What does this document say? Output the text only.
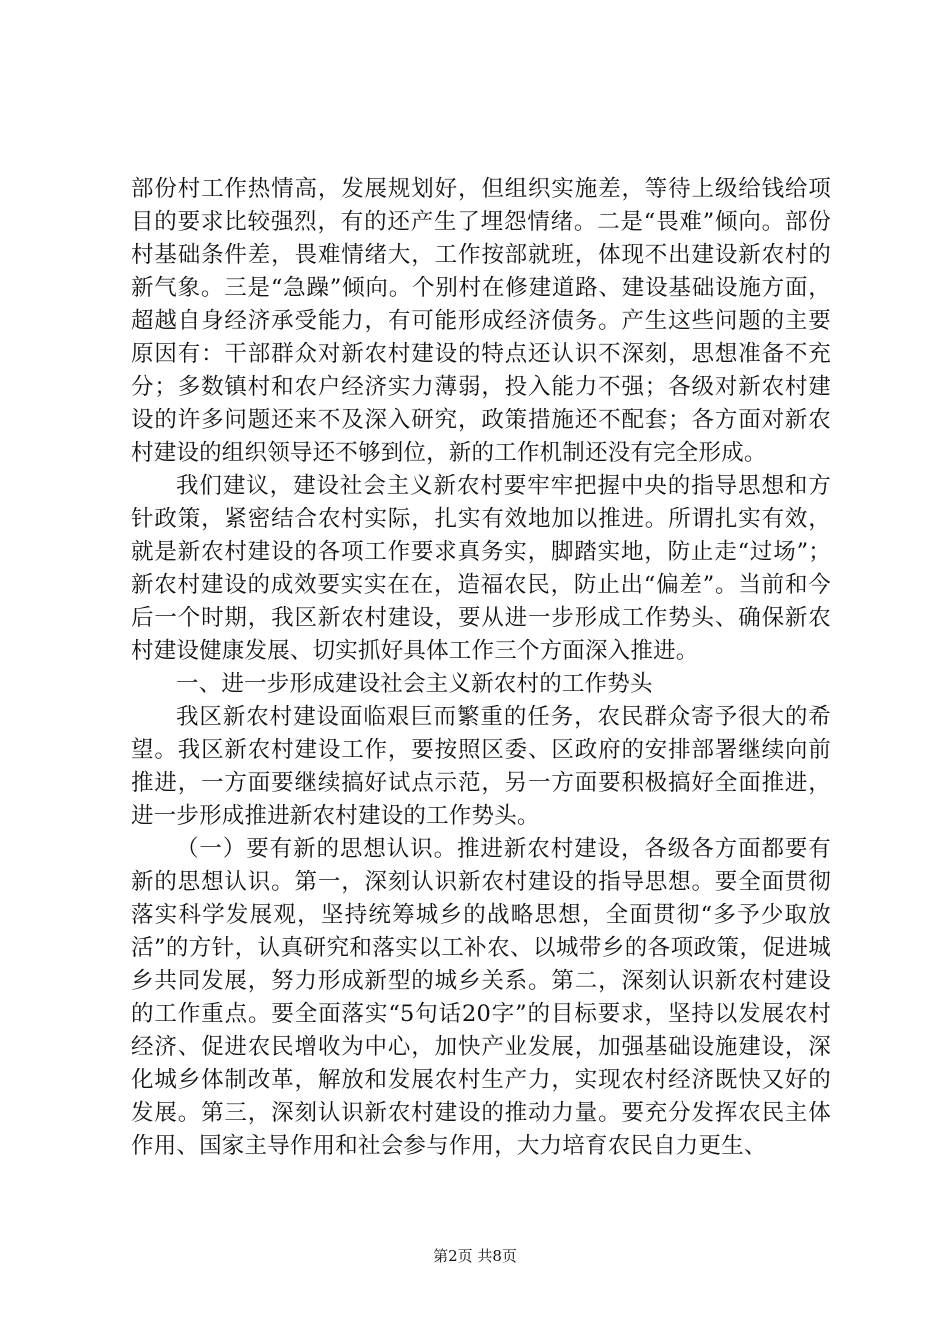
部份村工作热情高，发展规划好，但组织实施差，等待上级给钱给项目的要求比较强烈，有的还产生了埋怨情绪。二是“畏难”倾向。部份村基础条件差，畏难情绪大，工作按部就班，体现不出建设新农村的新气象。三是“急躁”倾向。个别村在修建道路、建设基础设施方面，超越自身经济承受能力，有可能形成经济债务。产生这些问题的主要原因有：干部群众对新农村建设的特点还认识不深刻，思想准备不充分；多数镇村和农户经济实力薄弱，投入能力不强；各级对新农村建设的许多问题还来不及深入研究，政策措施还不配套；各方面对新农村建设的组织领导还不够到位，新的工作机制还没有完全形成。

我们建议，建设社会主义新农村要牢牢把握中央的指导思想和方针政策，紧密结合农村实际，扎实有效地加以推进。所谓扎实有效，就是新农村建设的各项工作要求真务实，脚踏实地，防止走“过场”；新农村建设的成效要实实在在，造福农民，防止出“偏差”。当前和今后一个时期，我区新农村建设，要从进一步形成工作势头、确保新农村建设健康发展、切实抓好具体工作三个方面深入推进。

一、进一步形成建设社会主义新农村的工作势头

我区新农村建设面临艰巨而繁重的任务，农民群众寄予很大的希望。我区新农村建设工作，要按照区委、区政府的安排部署继续向前推进，一方面要继续搞好试点示范，另一方面要积极搞好全面推进，进一步形成推进新农村建设的工作势头。

（一）要有新的思想认识。推进新农村建设，各级各方面都要有新的思想认识。第一，深刻认识新农村建设的指导思想。要全面贯彻落实科学发展观，坚持统筹城乡的战略思想，全面贯彻“多予少取放活”的方针，认真研究和落实以工补农、以城带乡的各项政策，促进城乡共同发展，努力形成新型的城乡关系。第二，深刻认识新农村建设的工作重点。要全面落实“5句话20字”的目标要求，坚持以发展农村经济、促进农民增收为中心，加快产业发展，加强基础设施建设，深化城乡体制改革，解放和发展农村生产力，实现农村经济既快又好的发展。第三，深刻认识新农村建设的推动力量。要充分发挥农民主体作用、国家主导作用和社会参与作用，大力培育农民自力更生、

第2页 共8页
